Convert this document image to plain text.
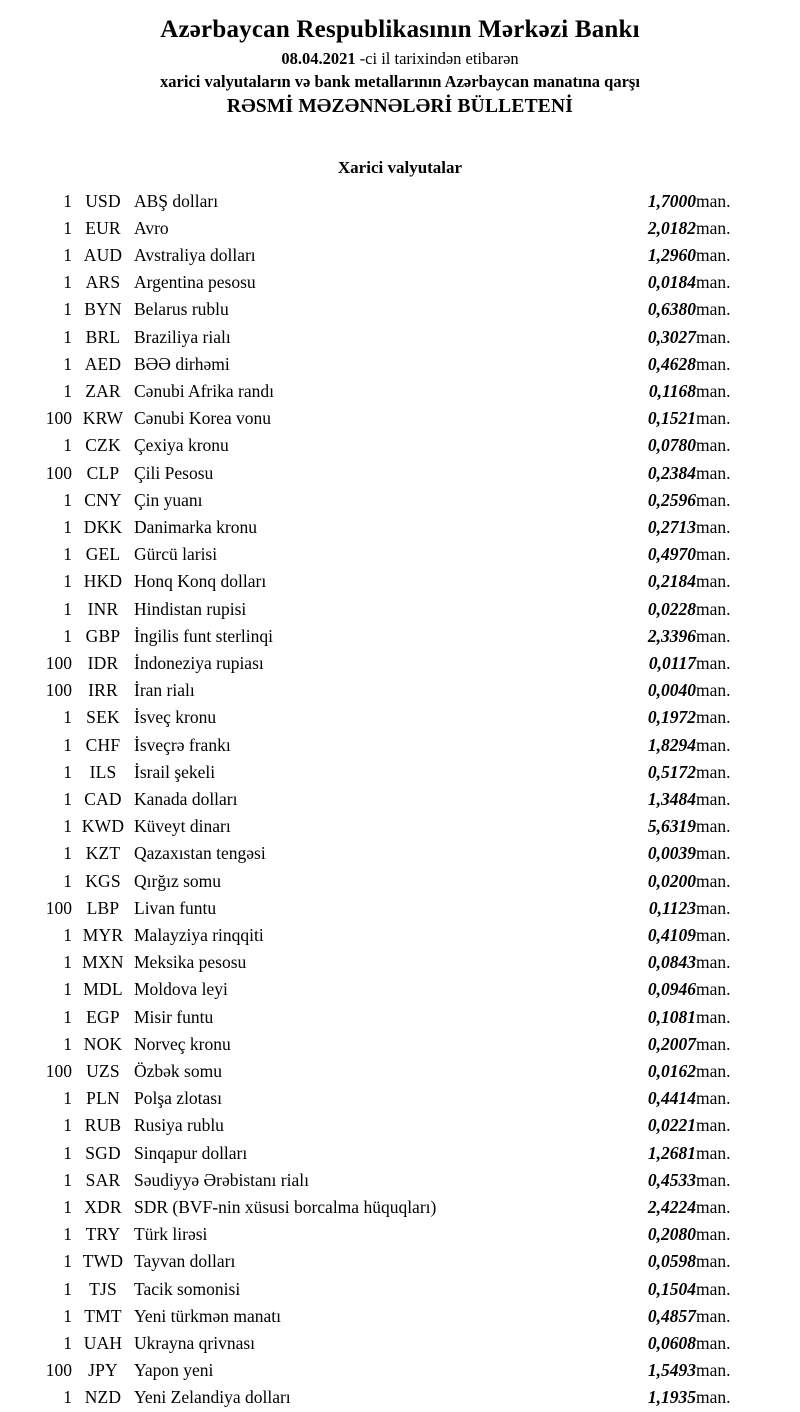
Azərbaycan Respublikasının Mərkəzi Bankı
08.04.2021 -ci il tarixindən etibarən
xarici valyutaların və bank metallarının Azərbaycan manatına qarşı
RƏSMİ MƏZƏNNƏLƏRİ BÜLLETENİ
Xarici valyutalar
1	USD	ABŞ dolları	1,7000	man.
1	EUR	Avro	2,0182	man.
1	AUD	Avstraliya dolları	1,2960	man.
1	ARS	Argentina pesosu	0,0184	man.
1	BYN	Belarus rublu	0,6380	man.
1	BRL	Braziliya rialı	0,3027	man.
1	AED	BƏƏ dirhəmi	0,4628	man.
1	ZAR	Cənubi Afrika randı	0,1168	man.
100	KRW	Cənubi Korea vonu	0,1521	man.
1	CZK	Çexiya kronu	0,0780	man.
100	CLP	Çili Pesosu	0,2384	man.
1	CNY	Çin yuanı	0,2596	man.
1	DKK	Danimarka kronu	0,2713	man.
1	GEL	Gürcü larisi	0,4970	man.
1	HKD	Honq Konq dolları	0,2184	man.
1	INR	Hindistan rupisi	0,0228	man.
1	GBP	İngilis funt sterlinqi	2,3396	man.
100	IDR	İndoneziya rupiası	0,0117	man.
100	IRR	İran rialı	0,0040	man.
1	SEK	İsveç kronu	0,1972	man.
1	CHF	İsveçrə frankı	1,8294	man.
1	ILS	İsrail şekeli	0,5172	man.
1	CAD	Kanada dolları	1,3484	man.
1	KWD	Küveyt dinarı	5,6319	man.
1	KZT	Qazaxıstan tengəsi	0,0039	man.
1	KGS	Qırğız somu	0,0200	man.
100	LBP	Livan funtu	0,1123	man.
1	MYR	Malayziya rinqqiti	0,4109	man.
1	MXN	Meksika pesosu	0,0843	man.
1	MDL	Moldova leyi	0,0946	man.
1	EGP	Misir funtu	0,1081	man.
1	NOK	Norveç kronu	0,2007	man.
100	UZS	Özbək somu	0,0162	man.
1	PLN	Polşa zlotası	0,4414	man.
1	RUB	Rusiya rublu	0,0221	man.
1	SGD	Sinqapur dolları	1,2681	man.
1	SAR	Səudiyyə Ərəbistanı rialı	0,4533	man.
1	XDR	SDR (BVF-nin xüsusi borcalma hüquqları)	2,4224	man.
1	TRY	Türk lirəsi	0,2080	man.
1	TWD	Tayvan dolları	0,0598	man.
1	TJS	Tacik somonisi	0,1504	man.
1	TMT	Yeni türkmən manatı	0,4857	man.
1	UAH	Ukrayna qrivnası	0,0608	man.
100	JPY	Yapon yeni	1,5493	man.
1	NZD	Yeni Zelandiya dolları	1,1935	man.
